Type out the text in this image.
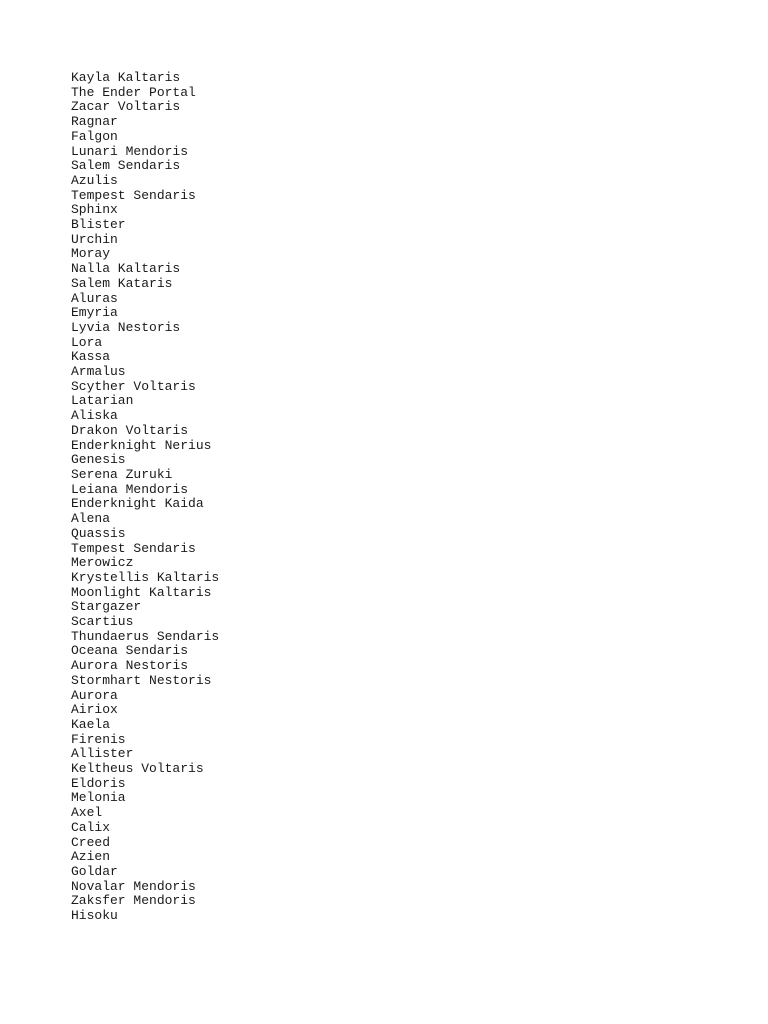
Kayla Kaltaris
The Ender Portal
Zacar Voltaris
Ragnar
Falgon
Lunari Mendoris
Salem Sendaris
Azulis
Tempest Sendaris
Sphinx
Blister
Urchin
Moray
Nalla Kaltaris
Salem Kataris
Aluras
Emyria
Lyvia Nestoris
Lora
Kassa
Armalus
Scyther Voltaris
Latarian
Aliska
Drakon Voltaris
Enderknight Nerius
Genesis
Serena Zuruki
Leiana Mendoris
Enderknight Kaida
Alena
Quassis
Tempest Sendaris
Merowicz
Krystellis Kaltaris
Moonlight Kaltaris
Stargazer
Scartius
Thundaerus Sendaris
Oceana Sendaris
Aurora Nestoris
Stormhart Nestoris
Aurora
Airiox
Kaela
Firenis
Allister
Keltheus Voltaris
Eldoris
Melonia
Axel
Calix
Creed
Azien
Goldar
Novalar Mendoris
Zaksfer Mendoris
Hisoku
